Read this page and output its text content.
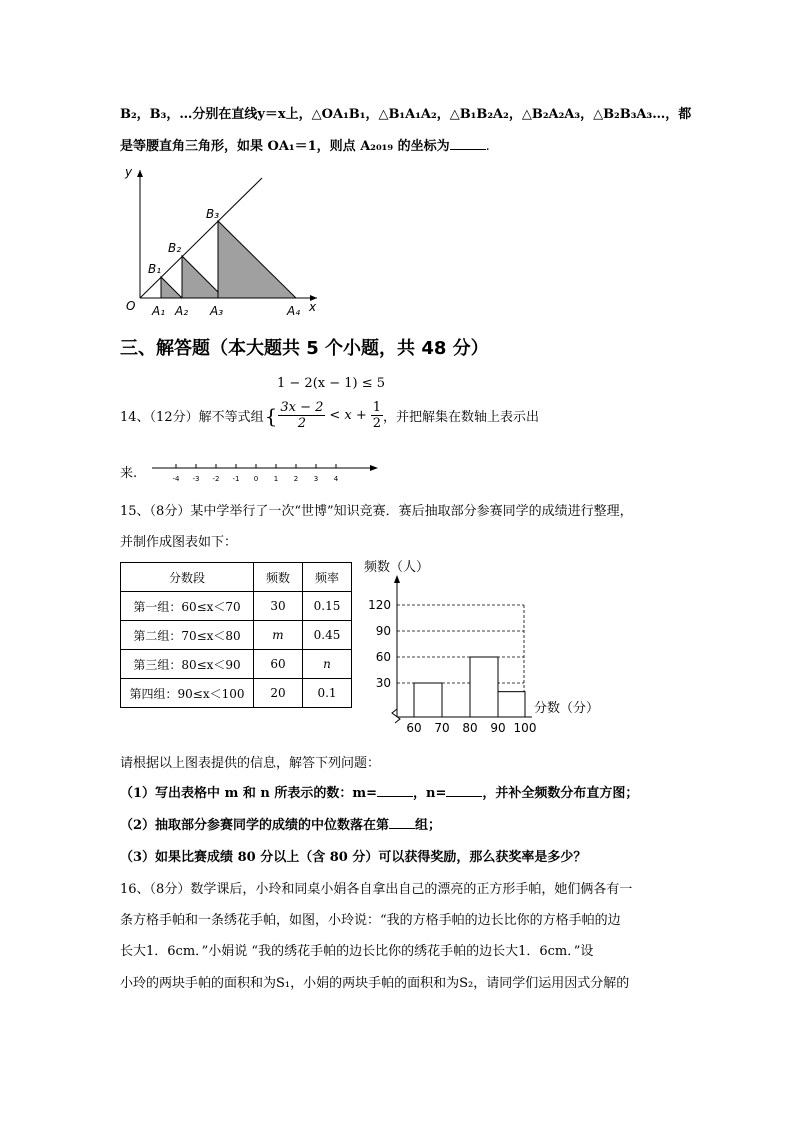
B₂，B₃，…分别在直线y＝x上，△OA₁B₁，△B₁A₁A₂，△B₁B₂A₂，△B₂A₂A₃，△B₂B₃A₃…，都
是等腰直角三角形，如果 OA₁＝1，则点 A₂₀₁₉ 的坐标为	.
y
x
O A₁ A₂ A₃	A₄
B₁
B₂
B₃
三、解答题（本大题共 5 个小题，共 48 分）
1 − 2(x − 1) ≤ 5
14、（12分）解不等式组 { $\frac{3x - 2}{2} < x + \frac{1}{2}$ ，并把解集在数轴上表示出
来.	-4 -3 -2 -1 0 1 2 3 4
15、（8分）某中学举行了一次“世博”知识竞赛．赛后抽取部分参赛同学的成绩进行整理，
并制作成图表如下：
分数段	频数	频率
第一组：60≤x＜70	30	0.15
第二组：70≤x＜80	m	0.45
第三组：80≤x＜90	60	n
第四组：90≤x＜100	20	0.1
频数（人）
30
60
90
120
60 70 80 90 100
分数（分）
请根据以上图表提供的信息，解答下列问题：
（1）写出表格中 m 和 n 所表示的数：m=	，n=	，并补全频数分布直方图；
（2）抽取部分参赛同学的成绩的中位数落在第 组；
（3）如果比赛成绩 80 分以上（含 80 分）可以获得奖励，那么获奖率是多少？
16、（8分）数学课后，小玲和同桌小娟各自拿出自己的漂亮的正方形手帕，她们俩各有一
条方格手帕和一条绣花手帕，如图，小玲说：“我的方格手帕的边长比你的方格手帕的边
长大1．6cm．”小娟说 “我的绣花手帕的边长比你的绣花手帕的边长大1．6cm．”设
小玲的两块手帕的面积和为S₁，小娟的两块手帕的面积和为S₂，请同学们运用因式分解的
